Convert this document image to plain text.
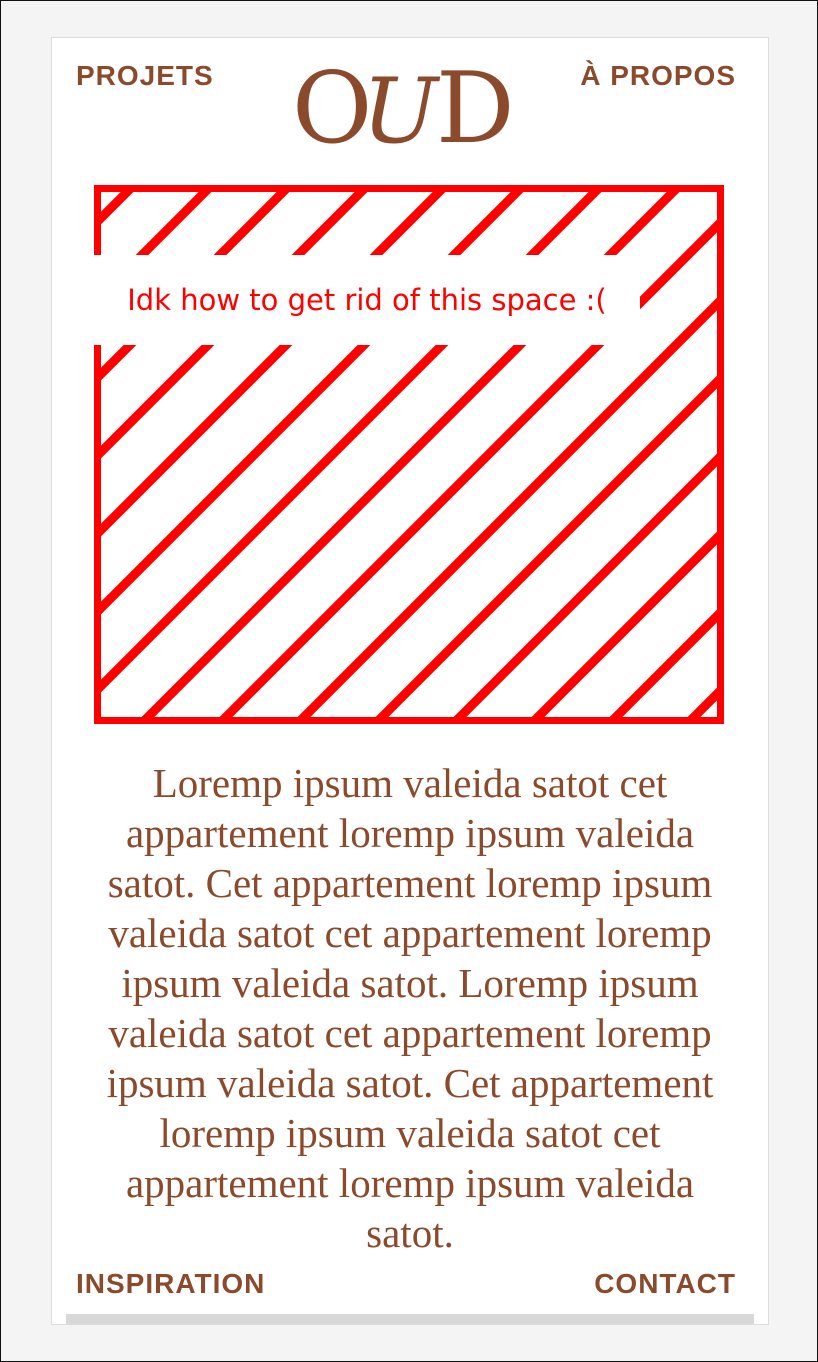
PROJETS	À PROPOS
O
U
D
Idk how to get rid of this space :(

Loremp ipsum valeida satot cet appartement loremp ipsum valeida satot. Cet appartement loremp ipsum valeida satot cet appartement loremp ipsum valeida satot. Loremp ipsum valeida satot cet appartement loremp ipsum valeida satot. Cet appartement loremp ipsum valeida satot cet appartement loremp ipsum valeida satot.

INSPIRATION	CONTACT
